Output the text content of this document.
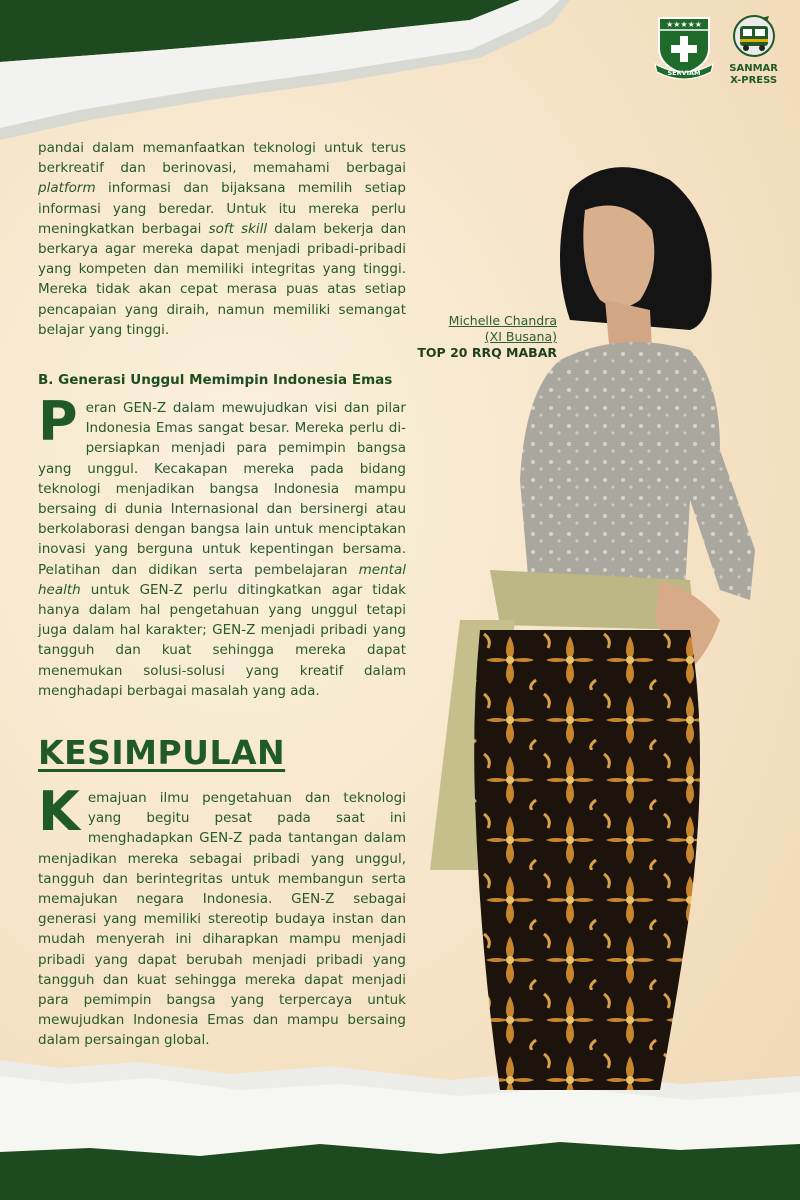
★★★★★
SERVIAM	SANMAR
X-PRESS
pandai dalam memanfaatkan teknologi untuk terus berkreatif dan berinovasi, memahami berbagai platform informasi dan bijaksana memilih setiap informasi yang beredar. Untuk itu mereka perlu meningkatkan berbagai soft skill dalam bekerja dan berkarya agar mereka dapat menjadi pribadi-pribadi yang kompeten dan memiliki integritas yang tinggi. Mereka tidak akan cepat merasa puas atas setiap pencapaian yang diraih, namun memiliki semangat belajar yang tinggi.
B. Generasi Unggul Memimpin Indonesia Emas
Peran GEN-Z dalam mewujudkan visi dan pilar Indonesia Emas sangat besar. Mereka perlu di-persiapkan menjadi para pemimpin bangsa yang unggul. Kecakapan mereka pada bidang teknologi menjadikan bangsa Indonesia mampu bersaing di dunia Internasional dan bersinergi atau berkolaborasi dengan bangsa lain untuk menciptakan inovasi yang berguna untuk kepentingan bersama. Pelatihan dan didikan serta pembelajaran mental health untuk GEN-Z perlu ditingkatkan agar tidak hanya dalam hal pengetahuan yang unggul tetapi juga dalam hal karakter; GEN-Z menjadi pribadi yang tangguh dan kuat sehingga mereka dapat menemukan solusi-solusi yang kreatif dalam menghadapi berbagai masalah yang ada.
KESIMPULAN
Kemajuan ilmu pengetahuan dan teknologi yang begitu pesat pada saat ini menghadapkan GEN-Z pada tantangan dalam menjadikan mereka sebagai pribadi yang unggul, tangguh dan berintegritas untuk membangun serta memajukan negara Indonesia. GEN-Z sebagai generasi yang memiliki stereotip budaya instan dan mudah menyerah ini diharapkan mampu menjadi pribadi yang dapat berubah menjadi pribadi yang tangguh dan kuat sehingga mereka dapat menjadi para pemimpin bangsa yang terpercaya untuk mewujudkan Indonesia Emas dan mampu bersaing dalam persaingan global.
Michelle Chandra
(XI Busana)
TOP 20 RRQ MABAR
